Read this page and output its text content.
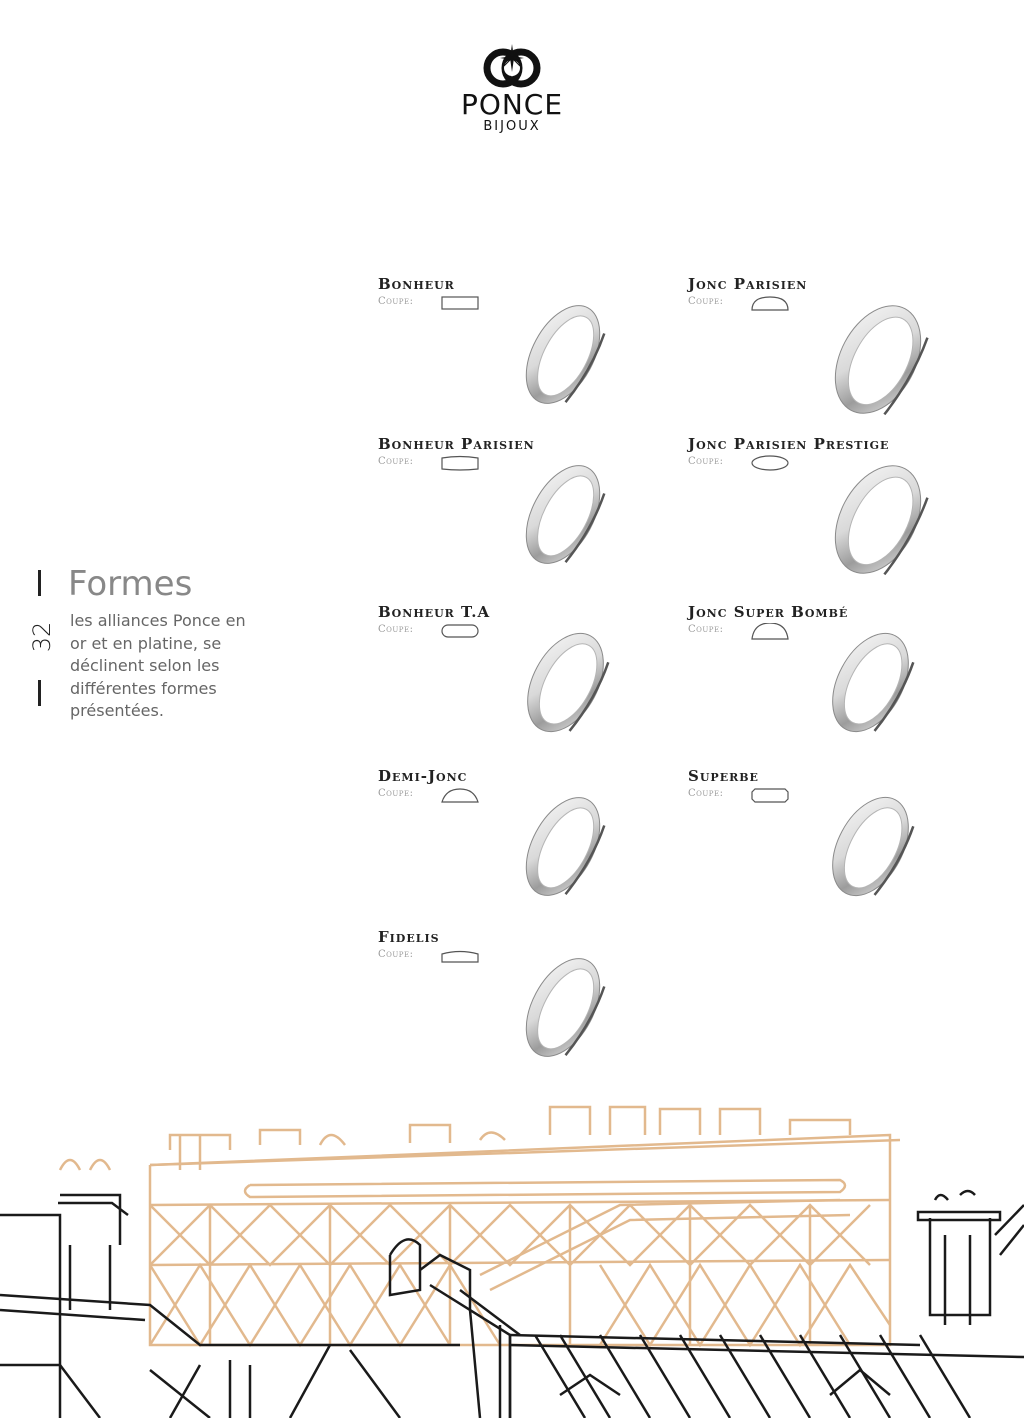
PONCE
BIJOUX
32
Formes
les alliances Ponce en or et en platine, se déclinent selon les différentes formes présentées.
Bonheur
Coupe:
Jonc Parisien
Coupe:
Bonheur Parisien
Coupe:
Jonc Parisien Prestige
Coupe:
Bonheur T.A
Coupe:
Jonc Super Bombé
Coupe:
Demi-Jonc
Coupe:
Superbe
Coupe:
Fidelis
Coupe:
